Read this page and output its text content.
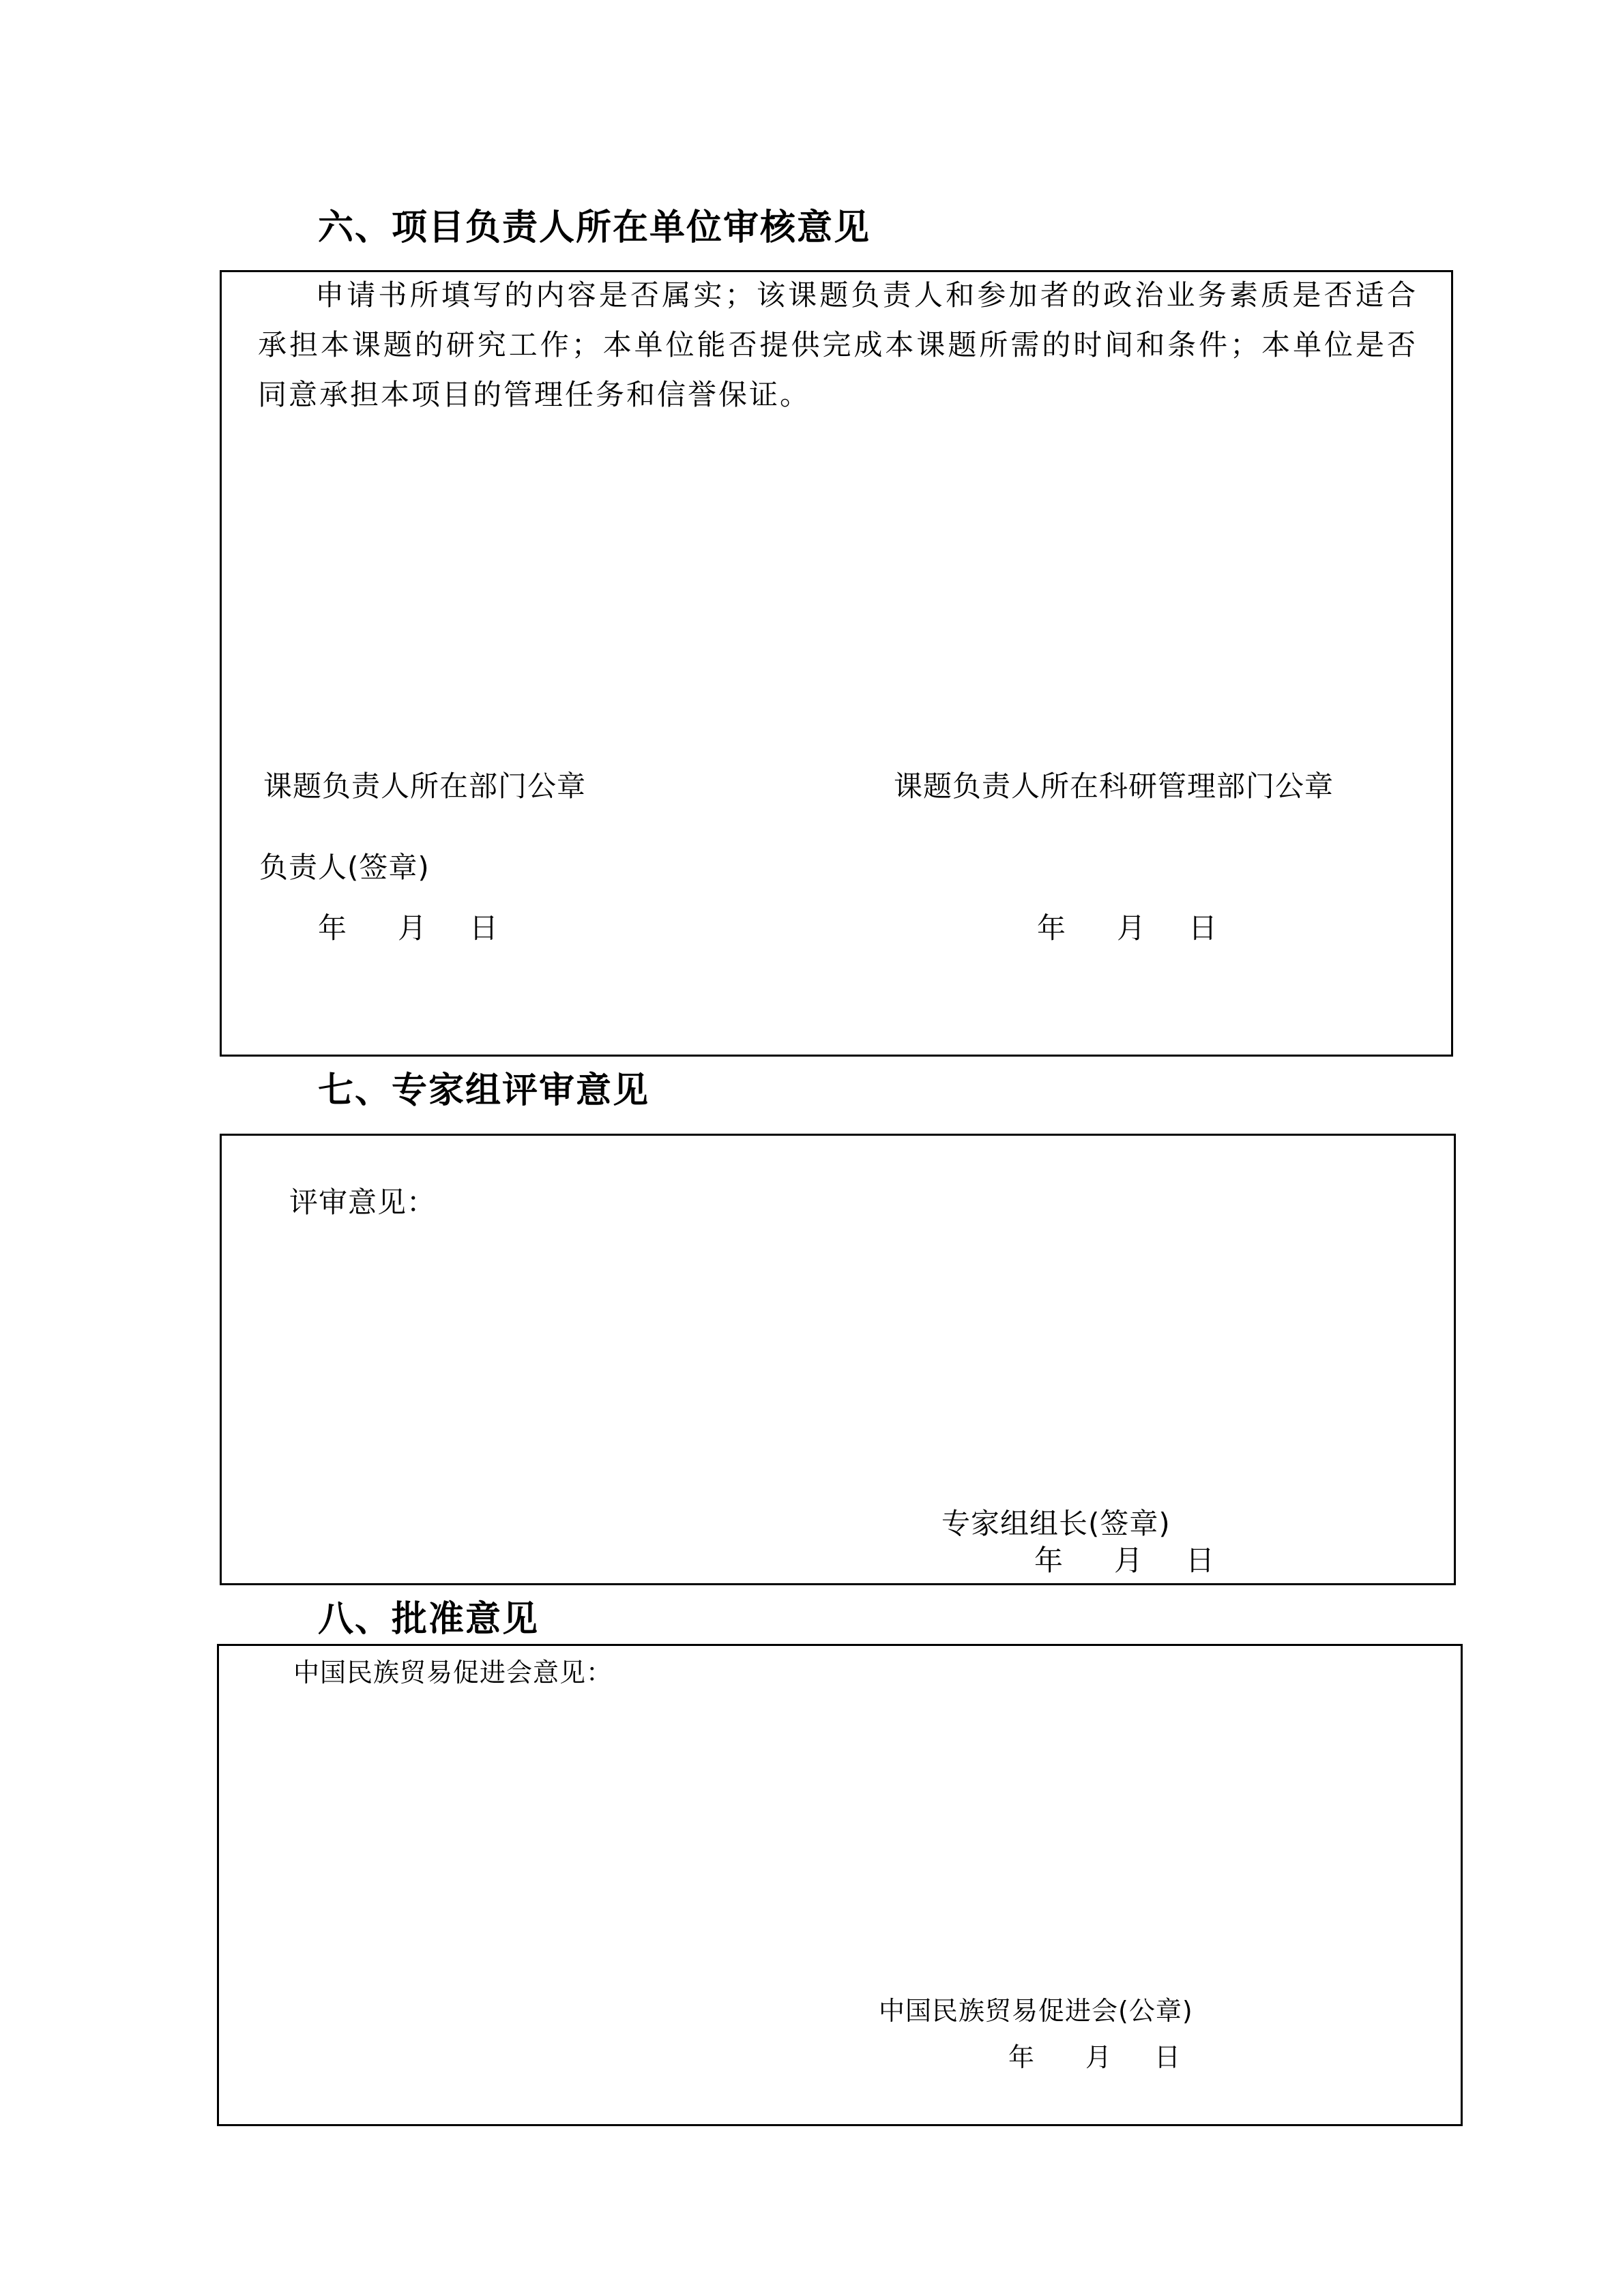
六、项目负责人所在单位审核意见

申请书所填写的内容是否属实；该课题负责人和参加者的政治业务素质是否适合承担本课题的研究工作；本单位能否提供完成本课题所需的时间和条件；本单位是否同意承担本项目的管理任务和信誉保证。

课题负责人所在部门公章	课题负责人所在科研管理部门公章

负责人(签章)

年 月 日	年 月 日

七、专家组评审意见

评审意见：

专家组组长(签章)

年 月 日

八、批准意见

中国民族贸易促进会意见：

中国民族贸易促进会(公章)

年 月 日
